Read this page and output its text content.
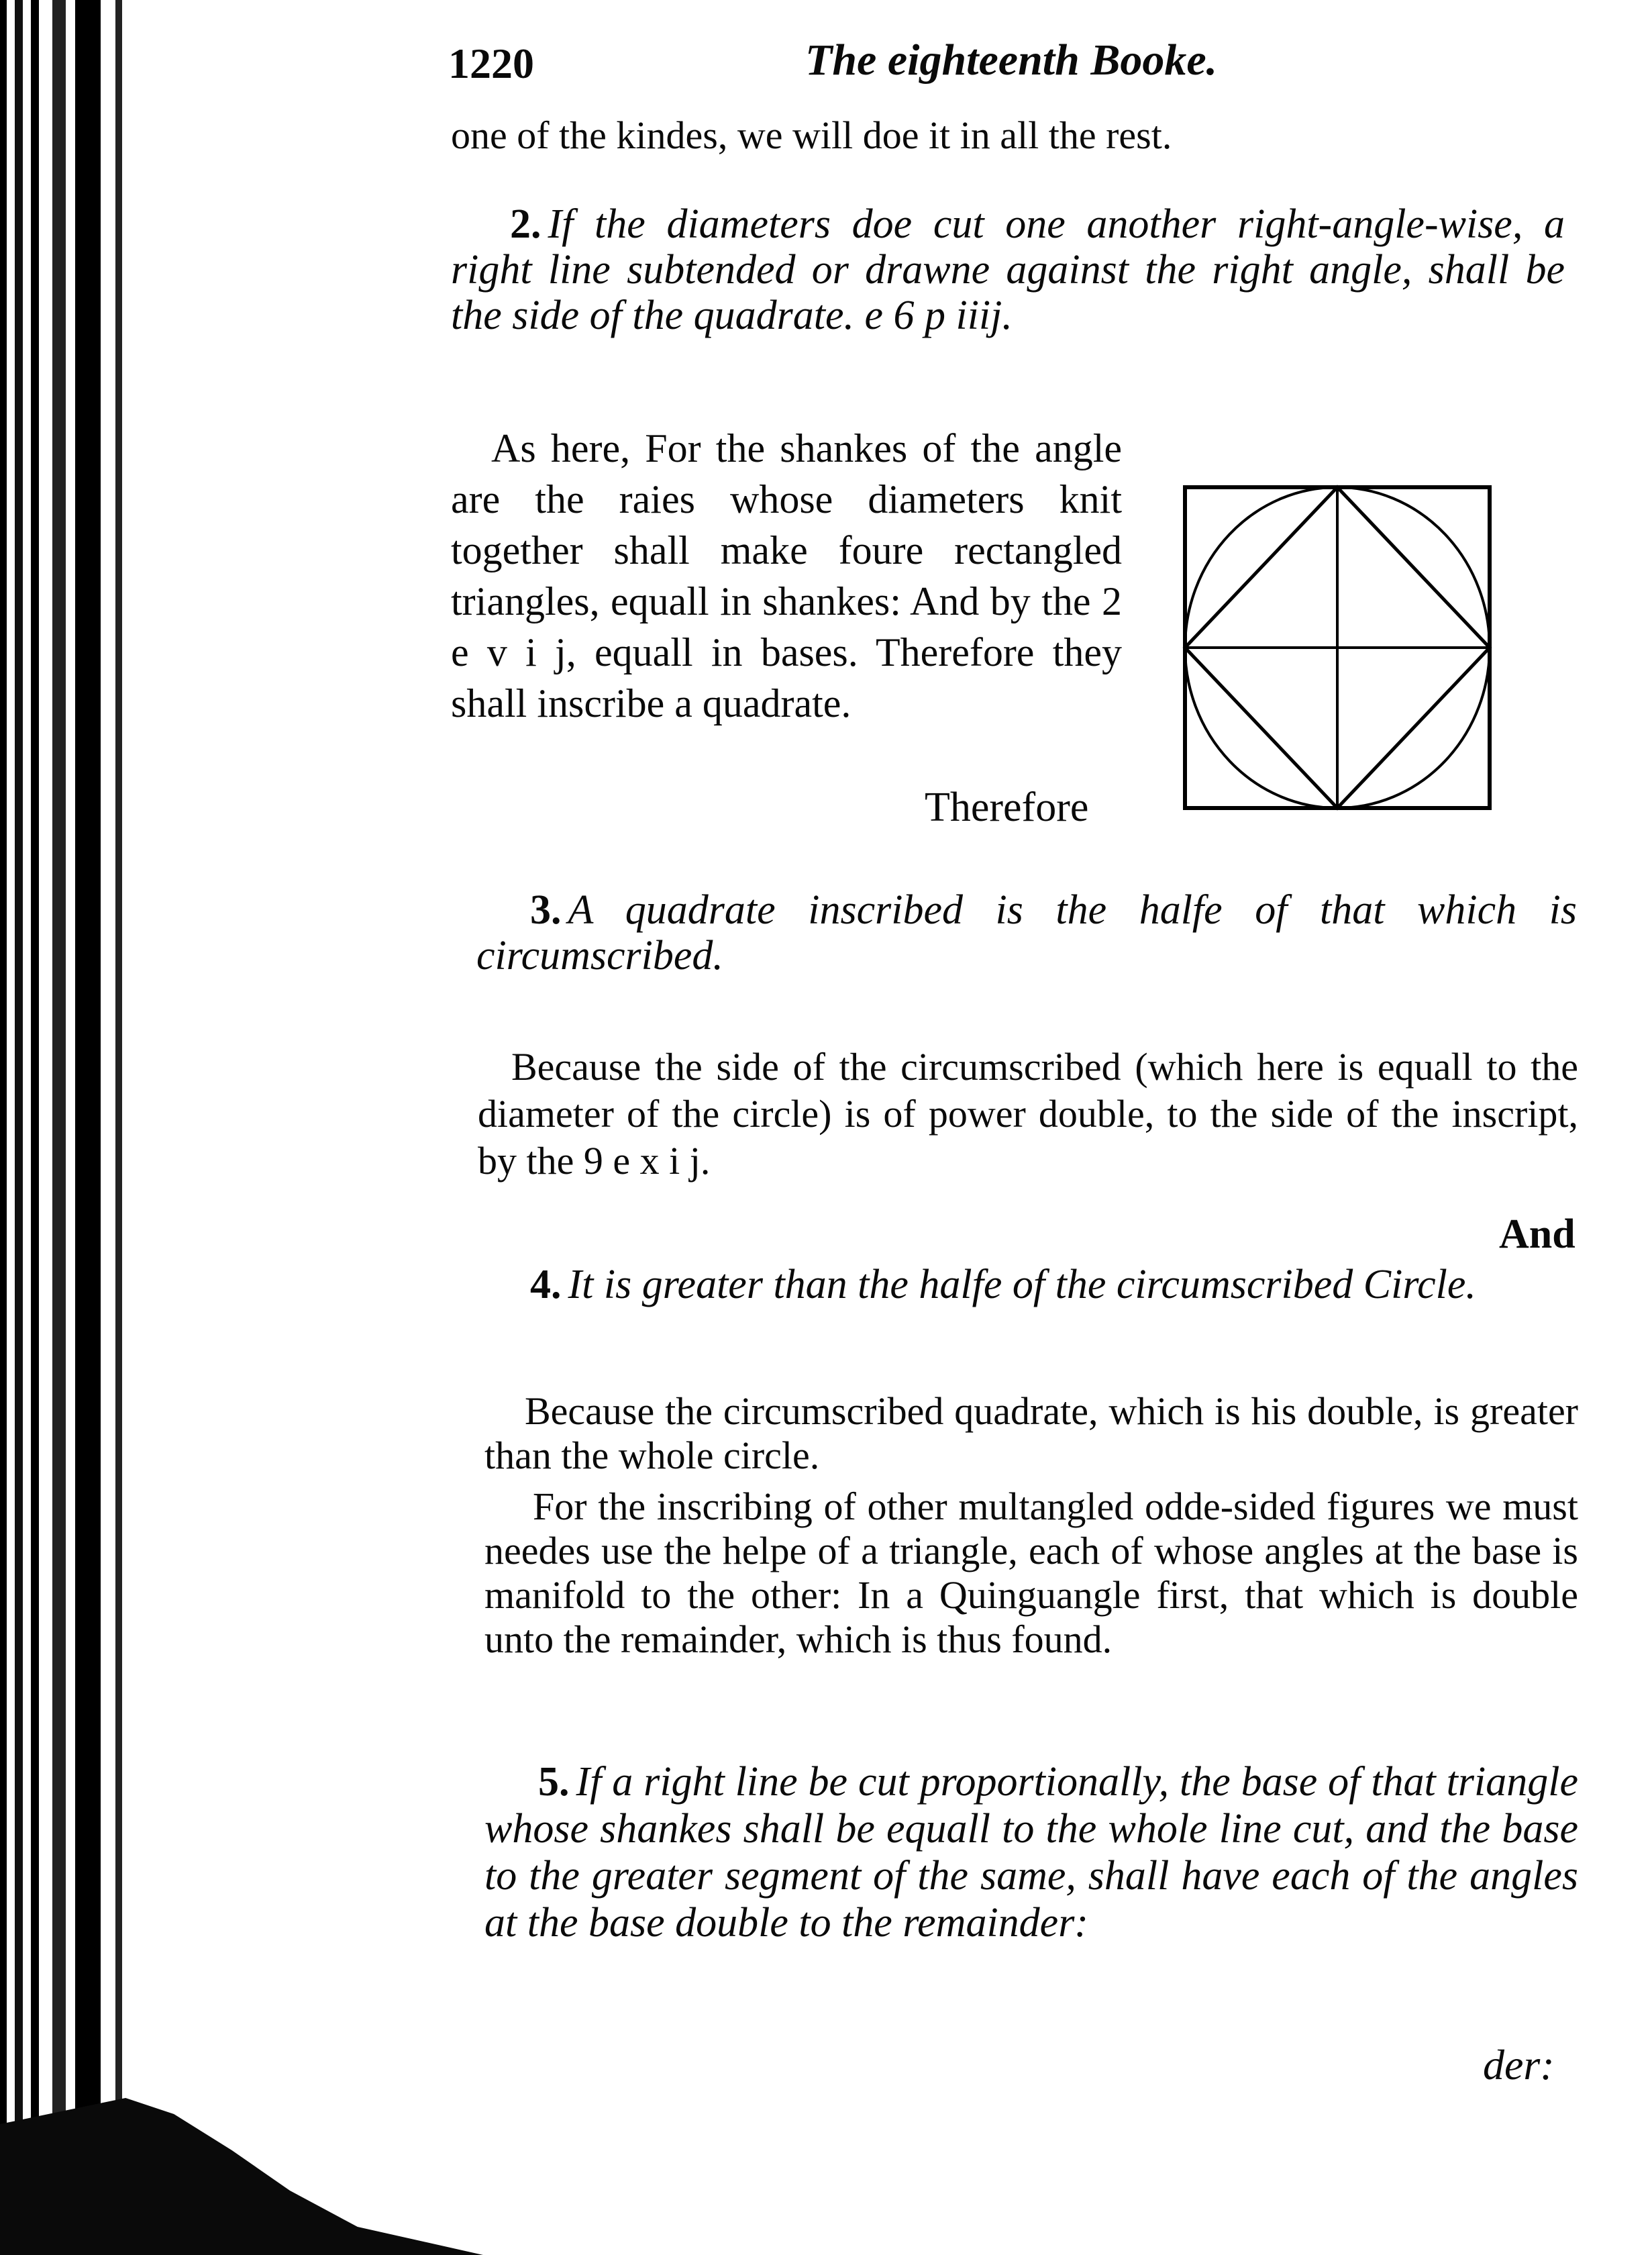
1220	The eighteenth Booke.
one of the kindes, we will doe it in all the rest.

2. If the diameters doe cut one another right-angle-wise, a right line subtended or drawne against the right angle, shall be the side of the quadrate. e 6 p iiij.

As here, For the shankes of the angle are the raies whose diameters knit together shall make foure rectangled triangles, equall in shankes: And by the 2 e v i j, equall in bases. Therefore they shall inscribe a quadrate.

Therefore

3. A quadrate inscribed is the halfe of that which is circumscribed.

Because the side of the circumscribed (which here is equall to the diameter of the circle) is of power double, to the side of the inscript, by the 9 e x i j.

And

4. It is greater than the halfe of the circumscribed Circle.

Because the circumscribed quadrate, which is his double, is greater than the whole circle.

For the inscribing of other multangled odde-sided figures we must needes use the helpe of a triangle, each of whose angles at the base is manifold to the other: In a Quinguangle first, that which is double unto the remainder, which is thus found.

5. If a right line be cut proportionally, the base of that triangle whose shankes shall be equall to the whole line cut, and the base to the greater segment of the same, shall have each of the angles at the base double to the remainder:

der:
